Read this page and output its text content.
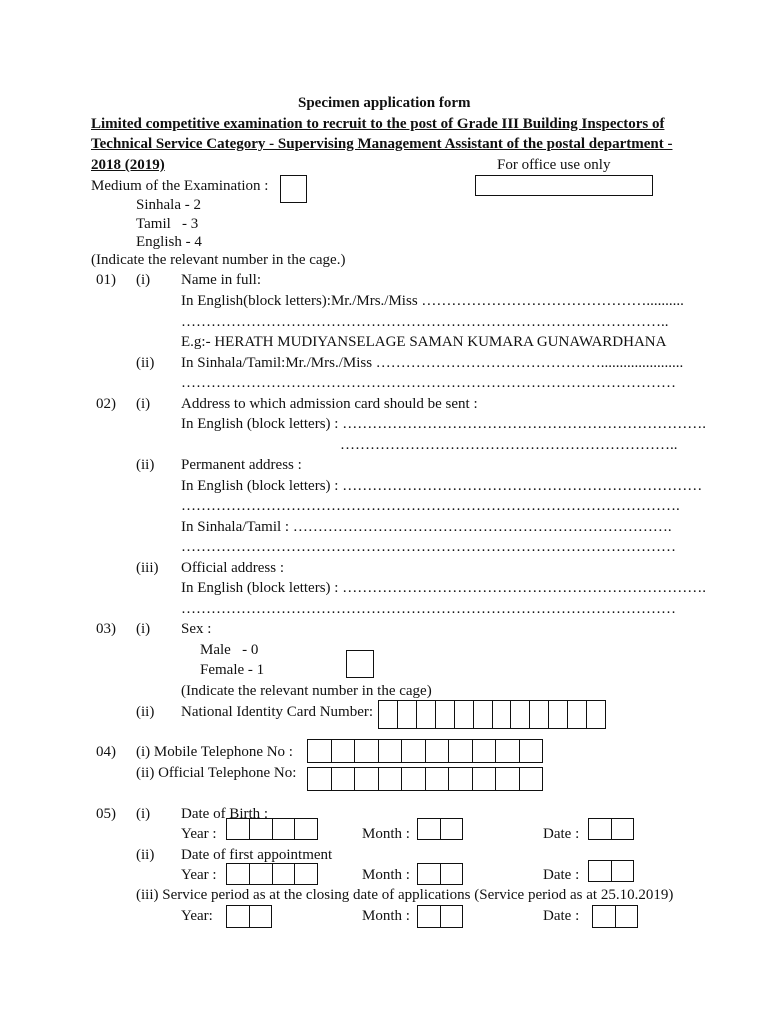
Specimen application form
Limited competitive examination to recruit to the post of Grade III Building Inspectors of
Technical Service Category - Supervising Management Assistant of the postal department -
2018 (2019)	For office use only
Medium of the Examination :
Sinhala - 2
Tamil   - 3
English - 4
(Indicate the relevant number in the cage.)
01) (i) Name in full:
In English(block letters):Mr./Mrs./Miss ………………………………………..........
……………………………………………………………………………………..
E.g:- HERATH MUDIYANSELAGE SAMAN KUMARA GUNAWARDHANA
(ii) In Sinhala/Tamil:Mr./Mrs./Miss ………………………………………......................
………………………………………………………………………………………
02) (i) Address to which admission card should be sent :
In English (block letters) : ……………………………………………………………….
…………………………………………………………..
(ii) Permanent address :
In English (block letters) : ………………………………………………………………
……………………………………………………………………………………….
In Sinhala/Tamil : ………………………………………………………………….
………………………………………………………………………………………
(iii) Official address :
In English (block letters) : ……………………………………………………………….
………………………………………………………………………………………
03) (i) Sex :
Male   - 0
Female - 1
(Indicate the relevant number in the cage)
(ii) National Identity Card Number:
04) (i) Mobile Telephone No :
(ii) Official Telephone No:
05) (i) Date of Birth :
Year :	Month :	Date :
(ii) Date of first appointment
Year :	Month :	Date :
(iii) Service period as at the closing date of applications (Service period as at 25.10.2019)
Year:	Month :	Date :
